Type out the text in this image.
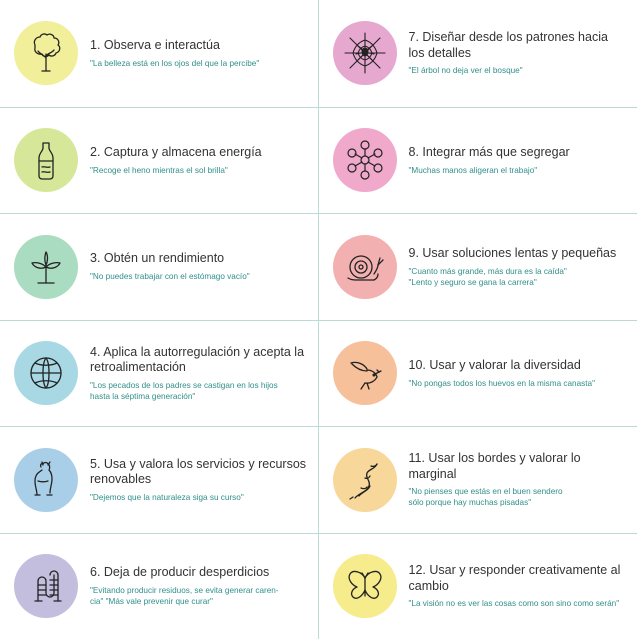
1. Observa e interactúa
"La belleza está en los ojos del que la percibe"
7. Diseñar desde los patrones hacia los detalles
"El árbol no deja ver el bosque"
2. Captura y almacena energía
"Recoge el heno mientras el sol brilla"
8. Integrar más que segregar
"Muchas manos aligeran el trabajo"
3. Obtén un rendimiento
"No puedes trabajar con el estómago vacío"
9. Usar soluciones lentas y pequeñas
"Cuanto más grande, más dura es la caída"
"Lento y seguro se gana la carrera"
4. Aplica la autorregulación y acepta la retroalimentación
"Los pecados de los padres se castigan en los hijos
hasta la séptima generación"
10. Usar y valorar la diversidad
"No pongas todos los huevos en la misma canasta"
5. Usa y valora los servicios y recursos renovables
"Dejemos que la naturaleza siga su curso"
11. Usar los bordes y valorar lo marginal
"No pienses que estás en el buen sendero
sólo porque hay muchas pisadas"
6. Deja de producir desperdicios
"Evitando producir residuos, se evita generar caren-
cia" "Más vale prevenir que curar"
12. Usar y responder creativamente al cambio
"La visión no es ver las cosas como son sino como serán"
